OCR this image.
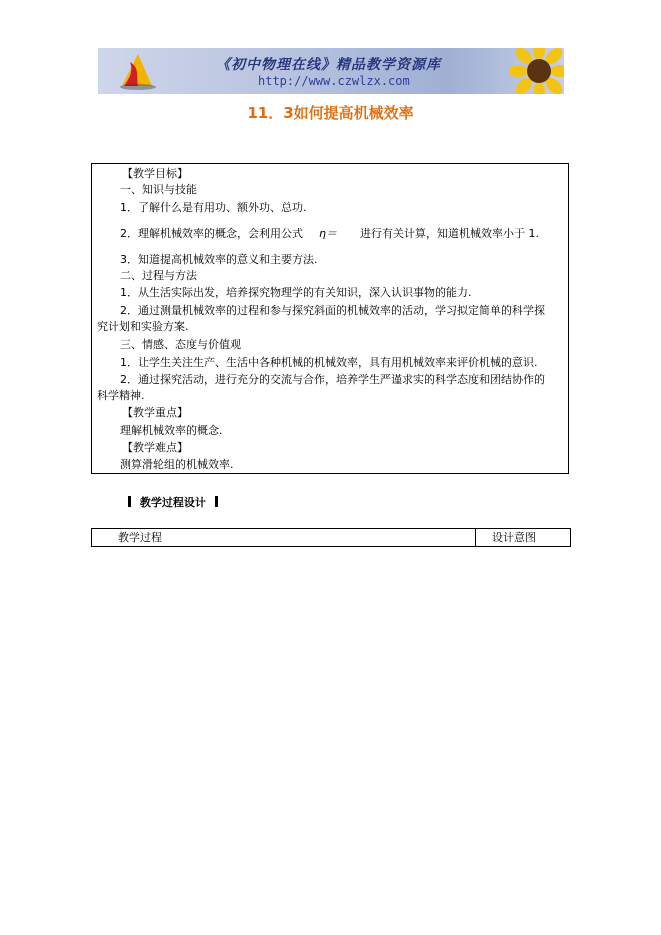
《初中物理在线》精品教学资源库
http://www.czwlzx.com
11．3如何提高机械效率
【教学目标】
一、知识与技能
1．了解什么是有用功、额外功、总功.
2．理解机械效率的概念，会利用公式 η＝ 进行有关计算，知道机械效率小于 1.
3．知道提高机械效率的意义和主要方法.
二、过程与方法
1．从生活实际出发，培养探究物理学的有关知识，深入认识事物的能力.
2．通过测量机械效率的过程和参与探究斜面的机械效率的活动，学习拟定简单的科学探
究计划和实验方案.
三、情感、态度与价值观
1．让学生关注生产、生活中各种机械的机械效率，具有用机械效率来评价机械的意识.
2．通过探究活动，进行充分的交流与合作，培养学生严谨求实的科学态度和团结协作的
科学精神.
【教学重点】
理解机械效率的概念.
【教学难点】
测算滑轮组的机械效率.
教学过程设计
教学过程	设计意图
